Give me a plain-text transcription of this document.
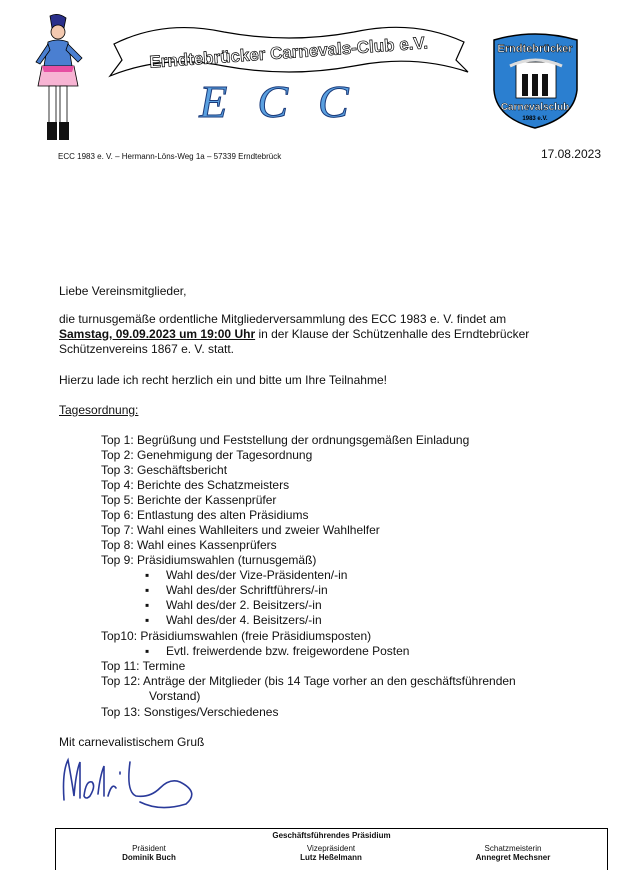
Erndtebrücker Carnevals-Club e.V.
ECC
Erndtebrücker
Carnevalsclub
1983 e.V.
ECC 1983 e. V. – Hermann-Löns-Weg 1a – 57339 Erndtebrück	17.08.2023
Liebe Vereinsmitglieder,
die turnusgemäße ordentliche Mitgliederversammlung des ECC 1983 e. V. findet am
Samstag, 09.09.2023 um 19:00 Uhr in der Klause der Schützenhalle des Erndtebrücker
Schützenvereins 1867 e. V. statt.
Hierzu lade ich recht herzlich ein und bitte um Ihre Teilnahme!
Tagesordnung:
Top 1: Begrüßung und Feststellung der ordnungsgemäßen Einladung
Top 2: Genehmigung der Tagesordnung
Top 3: Geschäftsbericht
Top 4: Berichte des Schatzmeisters
Top 5: Berichte der Kassenprüfer
Top 6: Entlastung des alten Präsidiums
Top 7: Wahl eines Wahlleiters und zweier Wahlhelfer
Top 8: Wahl eines Kassenprüfers
Top 9: Präsidiumswahlen (turnusgemäß)
▪ Wahl des/der Vize-Präsidenten/-in
▪ Wahl des/der Schriftführers/-in
▪ Wahl des/der 2. Beisitzers/-in
▪ Wahl des/der 4. Beisitzers/-in
Top10: Präsidiumswahlen (freie Präsidiumsposten)
▪ Evtl. freiwerdende bzw. freigewordene Posten
Top 11: Termine
Top 12: Anträge der Mitglieder (bis 14 Tage vorher an den geschäftsführenden
Vorstand)
Top 13: Sonstiges/Verschiedenes
Mit carnevalistischem Gruß
Geschäftsführendes Präsidium
Präsident
Dominik Buch
Vizepräsident
Lutz Heßelmann
Schatzmeisterin
Annegret Mechsner
